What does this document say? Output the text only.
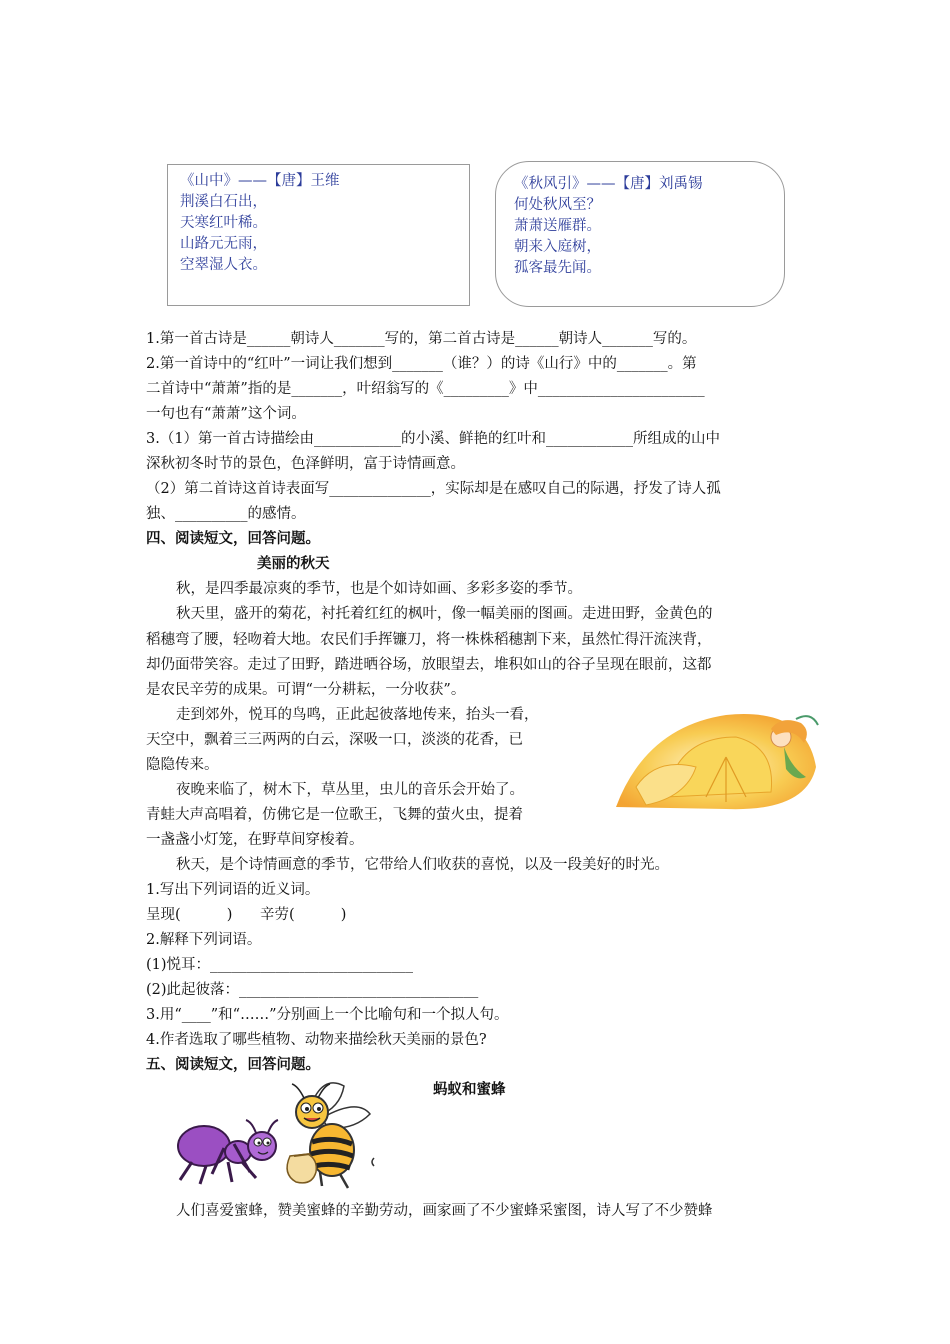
《山中》——【唐】王维
荆溪白石出，
天寒红叶稀。
山路元无雨，
空翠湿人衣。
《秋风引》——【唐】刘禹锡
何处秋风至？
萧萧送雁群。
朝来入庭树，
孤客最先闻。
1.第一首古诗是______朝诗人_______写的，第二首古诗是______朝诗人_______写的。
2.第一首诗中的“红叶”一词让我们想到_______（谁？）的诗《山行》中的_______。第
二首诗中“萧萧”指的是_______，叶绍翁写的《_________》中_______________________
一句也有“萧萧”这个词。
3.（1）第一首古诗描绘由____________的小溪、鲜艳的红叶和____________所组成的山中
深秋初冬时节的景色，色泽鲜明，富于诗情画意。
（2）第二首诗这首诗表面写______________，实际却是在感叹自己的际遇，抒发了诗人孤
独、__________的感情。
四、阅读短文，回答问题。
美丽的秋天
秋，是四季最凉爽的季节，也是个如诗如画、多彩多姿的季节。
秋天里，盛开的菊花，衬托着红红的枫叶，像一幅美丽的图画。走进田野，金黄色的
稻穗弯了腰，轻吻着大地。农民们手挥镰刀，将一株株稻穗割下来，虽然忙得汗流浃背，
却仍面带笑容。走过了田野，踏进晒谷场，放眼望去，堆积如山的谷子呈现在眼前，这都
是农民辛劳的成果。可谓“一分耕耘，一分收获”。
走到郊外，悦耳的鸟鸣，正此起彼落地传来，抬头一看，
天空中，飘着三三两两的白云，深吸一口，淡淡的花香，已
隐隐传来。
夜晚来临了，树木下，草丛里，虫儿的音乐会开始了。
青蛙大声高唱着，仿佛它是一位歌王，飞舞的萤火虫，提着
一盏盏小灯笼，在野草间穿梭着。
秋天，是个诗情画意的季节，它带给人们收获的喜悦，以及一段美好的时光。
1.写出下列词语的近义词。
呈现(          )      辛劳(          )
2.解释下列词语。
(1)悦耳：____________________________
(2)此起彼落：_________________________________
3.用“____”和“……”分别画上一个比喻句和一个拟人句。
4.作者选取了哪些植物、动物来描绘秋天美丽的景色?
五、阅读短文，回答问题。
蚂蚁和蜜蜂
人们喜爱蜜蜂，赞美蜜蜂的辛勤劳动，画家画了不少蜜蜂采蜜图，诗人写了不少赞蜂
